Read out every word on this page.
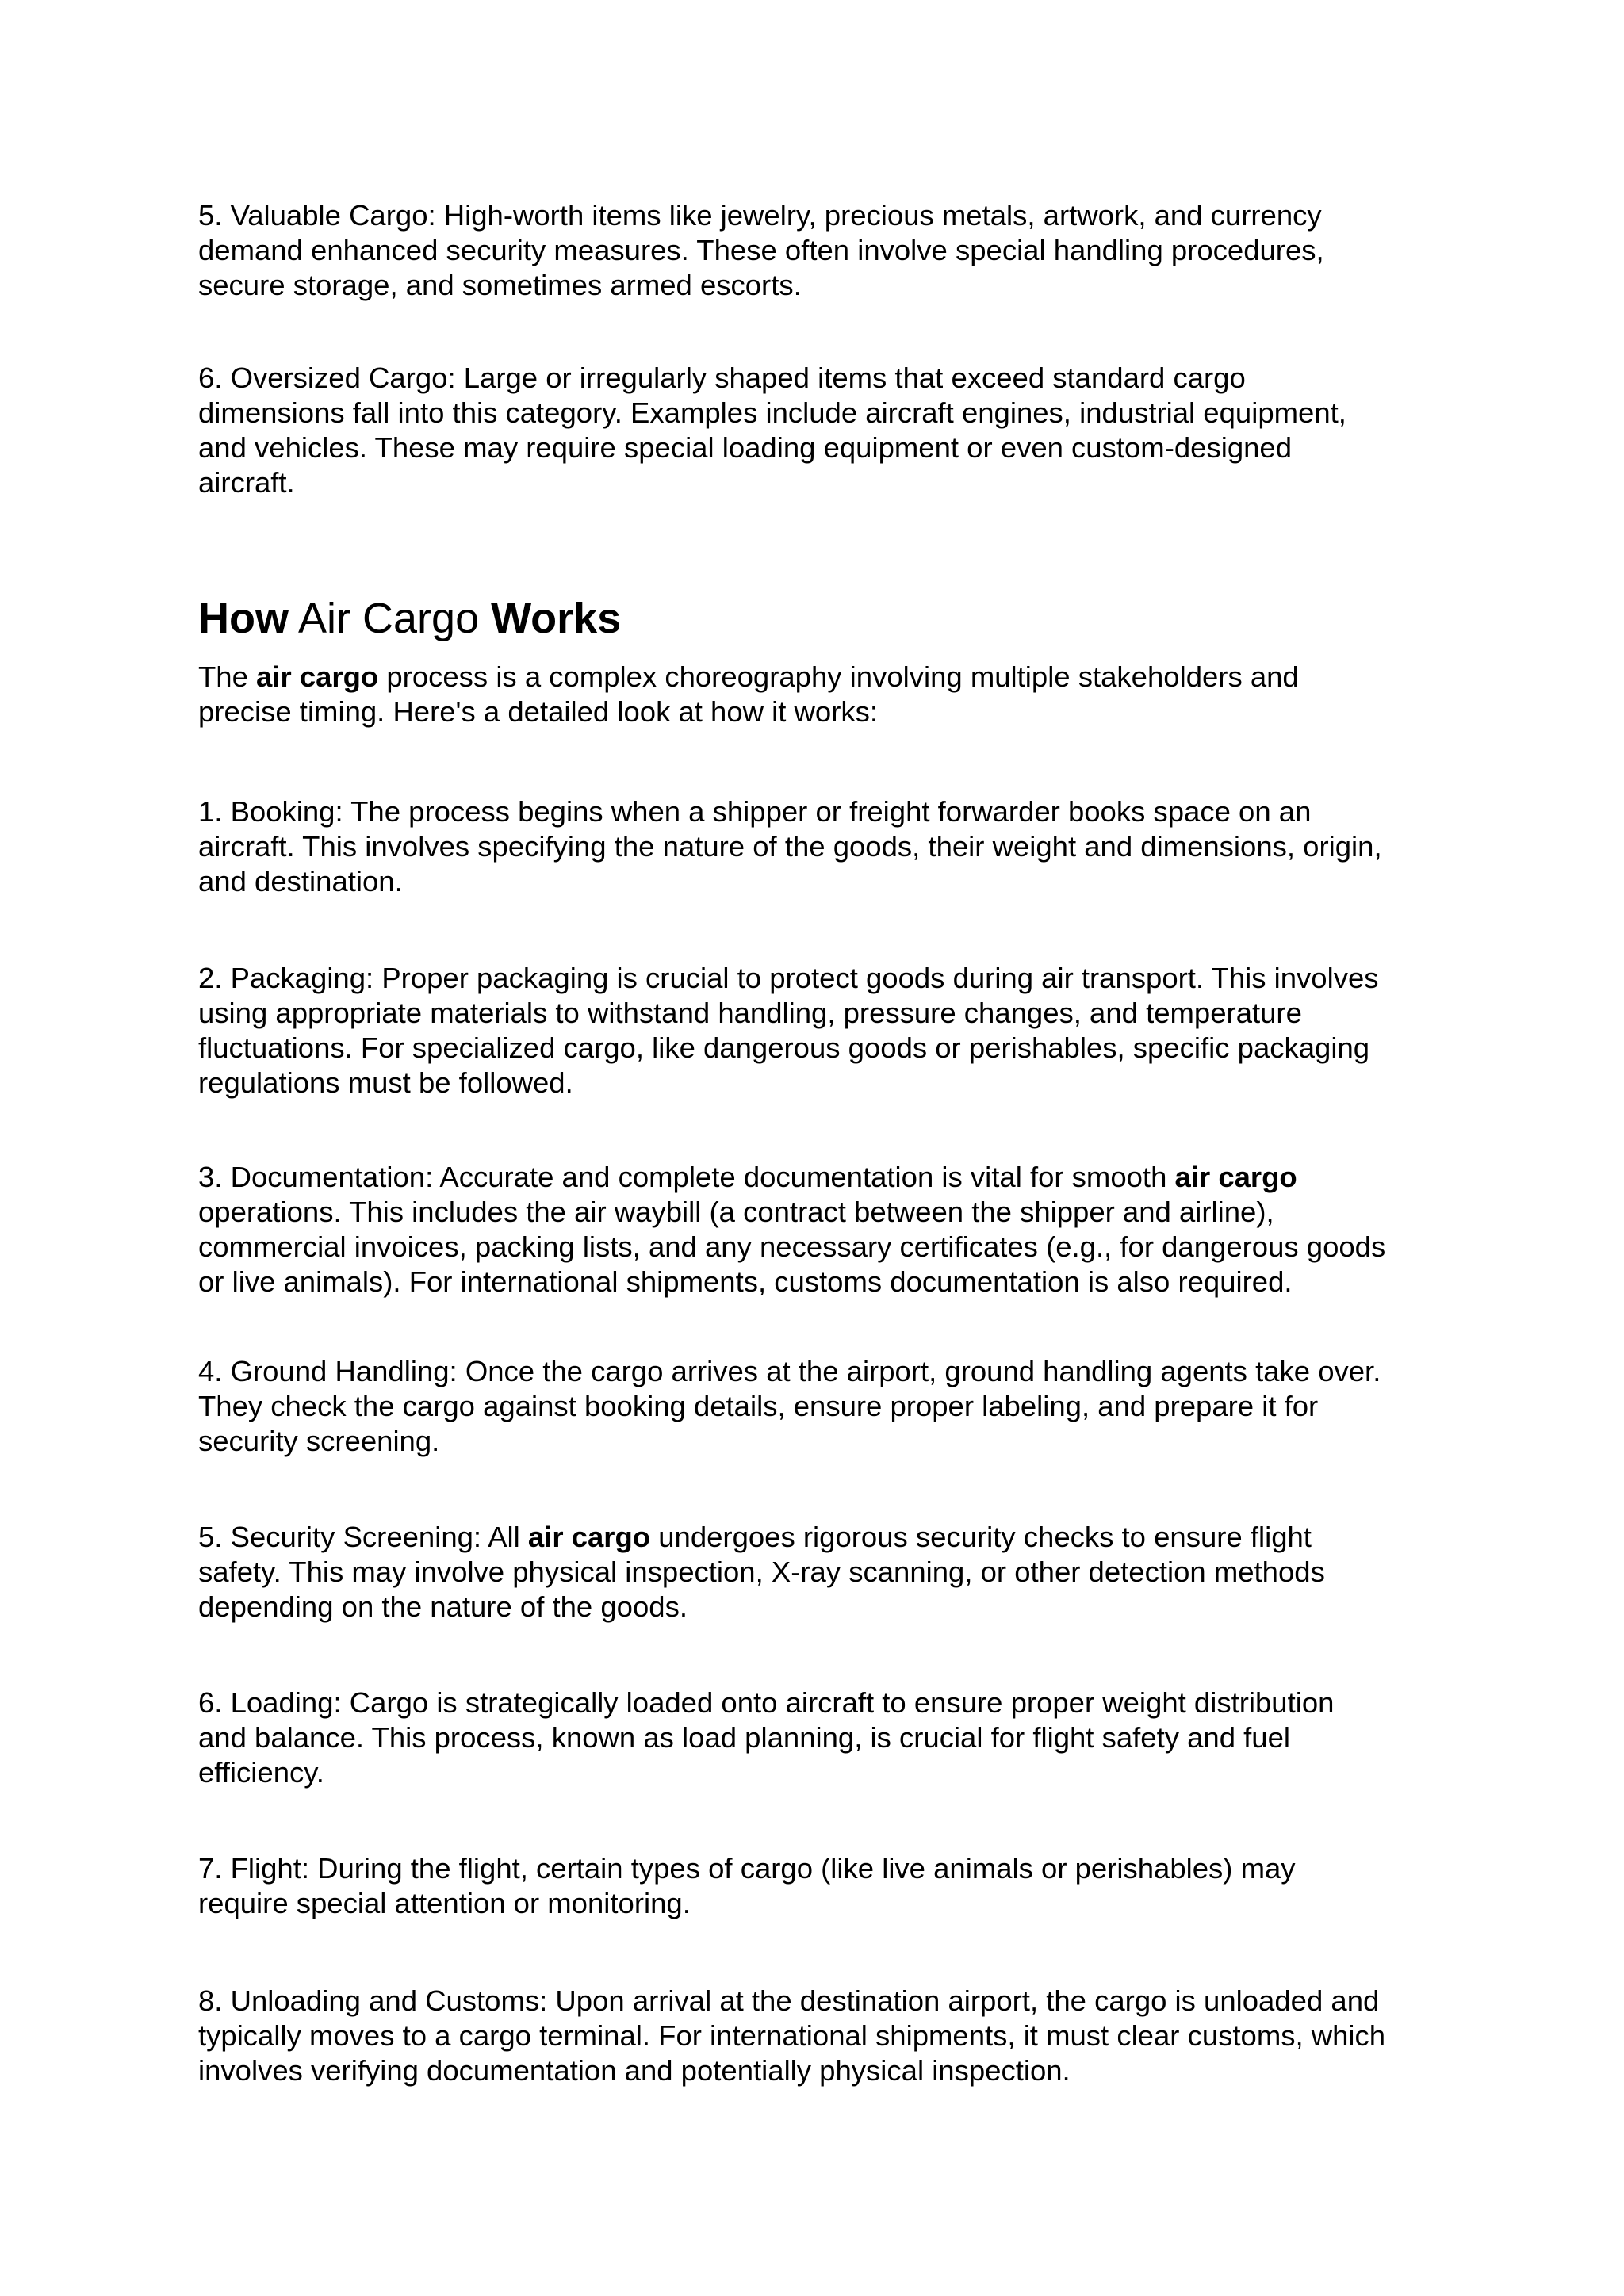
5. Valuable Cargo: High-worth items like jewelry, precious metals, artwork, and currency
demand enhanced security measures. These often involve special handling procedures,
secure storage, and sometimes armed escorts.

6. Oversized Cargo: Large or irregularly shaped items that exceed standard cargo
dimensions fall into this category. Examples include aircraft engines, industrial equipment,
and vehicles. These may require special loading equipment or even custom-designed
aircraft.

How Air Cargo Works

The air cargo process is a complex choreography involving multiple stakeholders and
precise timing. Here's a detailed look at how it works:

1. Booking: The process begins when a shipper or freight forwarder books space on an
aircraft. This involves specifying the nature of the goods, their weight and dimensions, origin,
and destination.

2. Packaging: Proper packaging is crucial to protect goods during air transport. This involves
using appropriate materials to withstand handling, pressure changes, and temperature
fluctuations. For specialized cargo, like dangerous goods or perishables, specific packaging
regulations must be followed.

3. Documentation: Accurate and complete documentation is vital for smooth air cargo
operations. This includes the air waybill (a contract between the shipper and airline),
commercial invoices, packing lists, and any necessary certificates (e.g., for dangerous goods
or live animals). For international shipments, customs documentation is also required.

4. Ground Handling: Once the cargo arrives at the airport, ground handling agents take over.
They check the cargo against booking details, ensure proper labeling, and prepare it for
security screening.

5. Security Screening: All air cargo undergoes rigorous security checks to ensure flight
safety. This may involve physical inspection, X-ray scanning, or other detection methods
depending on the nature of the goods.

6. Loading: Cargo is strategically loaded onto aircraft to ensure proper weight distribution
and balance. This process, known as load planning, is crucial for flight safety and fuel
efficiency.

7. Flight: During the flight, certain types of cargo (like live animals or perishables) may
require special attention or monitoring.

8. Unloading and Customs: Upon arrival at the destination airport, the cargo is unloaded and
typically moves to a cargo terminal. For international shipments, it must clear customs, which
involves verifying documentation and potentially physical inspection.
